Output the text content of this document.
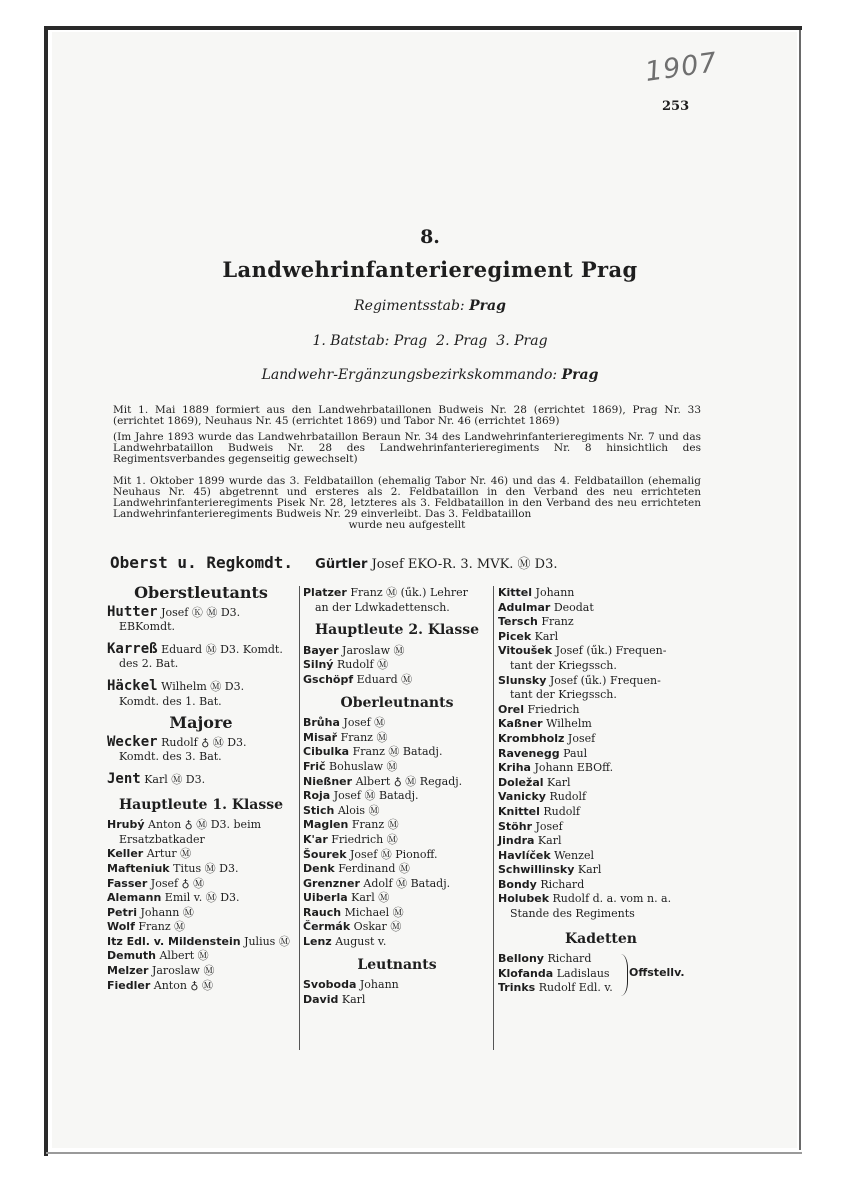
1907
253
8.
Landwehrinfanterieregiment Prag
Regimentsstab: Prag
1. Batstab: Prag 2. Prag 3. Prag
Landwehr-Ergänzungsbezirkskommando: Prag
Mit 1. Mai 1889 formiert aus den Landwehrbataillonen Budweis Nr. 28 (errichtet 1869), Prag Nr. 33 (errichtet 1869), Neuhaus Nr. 45 (errichtet 1869) und Tabor Nr. 46 (errichtet 1869)
(Im Jahre 1893 wurde das Landwehrbataillon Beraun Nr. 34 des Landwehrinfanterieregiments Nr. 7 und das Landwehrbataillon Budweis Nr. 28 des Landwehrinfanterieregiments Nr. 8 hinsichtlich des Regimentsverbandes gegenseitig gewechselt)
Mit 1. Oktober 1899 wurde das 3. Feldbataillon (ehemalig Tabor Nr. 46) und das 4. Feldbataillon (ehemalig Neuhaus Nr. 45) abgetrennt und ersteres als 2. Feldbataillon in den Verband des neu errichteten Landwehrinfanterieregiments Pisek Nr. 28, letzteres als 3. Feldbataillon in den Verband des neu errichteten Landwehrinfanterieregiments Budweis Nr. 29 einverleibt. Das 3. Feldbataillon
wurde neu aufgestellt
Oberst u. Regkomdt. Gürtler Josef EKO-R. 3. MVK. Ⓜ D3.
Oberstleutants
Hutter Josef Ⓚ Ⓜ D3.
EBKomdt.
Karreß Eduard Ⓜ D3. Komdt.
des 2. Bat.
Häckel Wilhelm Ⓜ D3.
Komdt. des 1. Bat.
Majore
Wecker Rudolf ♁ Ⓜ D3.
Komdt. des 3. Bat.
Jent Karl Ⓜ D3.
Hauptleute 1. Klasse
Hrubý Anton ♁ Ⓜ D3. beim
Ersatzbatkader
Keller Artur Ⓜ
Mafteniuk Titus Ⓜ D3.
Fasser Josef ♁ Ⓜ
Alemann Emil v. Ⓜ D3.
Petri Johann Ⓜ
Wolf Franz Ⓜ
Itz Edl. v. Mildenstein Julius Ⓜ
Demuth Albert Ⓜ
Melzer Jaroslaw Ⓜ
Fiedler Anton ♁ Ⓜ
Platzer Franz Ⓜ (űk.) Lehrer
an der Ldwkadettensch.
Hauptleute 2. Klasse
Bayer Jaroslaw Ⓜ
Silný Rudolf Ⓜ
Gschöpf Eduard Ⓜ
Oberleutnants
Brůha Josef Ⓜ
Misař Franz Ⓜ
Cibulka Franz Ⓜ Batadj.
Frič Bohuslaw Ⓜ
Nießner Albert ♁ Ⓜ Regadj.
Roja Josef Ⓜ Batadj.
Stich Alois Ⓜ
Maglen Franz Ⓜ
K'ar Friedrich Ⓜ
Šourek Josef Ⓜ Pionoff.
Denk Ferdinand Ⓜ
Grenzner Adolf Ⓜ Batadj.
Uiberla Karl Ⓜ
Rauch Michael Ⓜ
Čermák Oskar Ⓜ
Lenz August v.
Leutnants
Svoboda Johann
David Karl
Kittel Johann
Adulmar Deodat
Tersch Franz
Picek Karl
Vitoušek Josef (űk.) Frequen-
tant der Kriegssch.
Slunsky Josef (űk.) Frequen-
tant der Kriegssch.
Orel Friedrich
Kaßner Wilhelm
Krombholz Josef
Ravenegg Paul
Kriha Johann EBOff.
Doležal Karl
Vanicky Rudolf
Knittel Rudolf
Stöhr Josef
Jindra Karl
Havlíček Wenzel
Schwillinsky Karl
Bondy Richard
Holubek Rudolf d. a. vom n. a.
Stande des Regiments
Kadetten
Bellony Richard
Klofanda Ladislaus
Trinks Rudolf Edl. v.
Offstellv.
